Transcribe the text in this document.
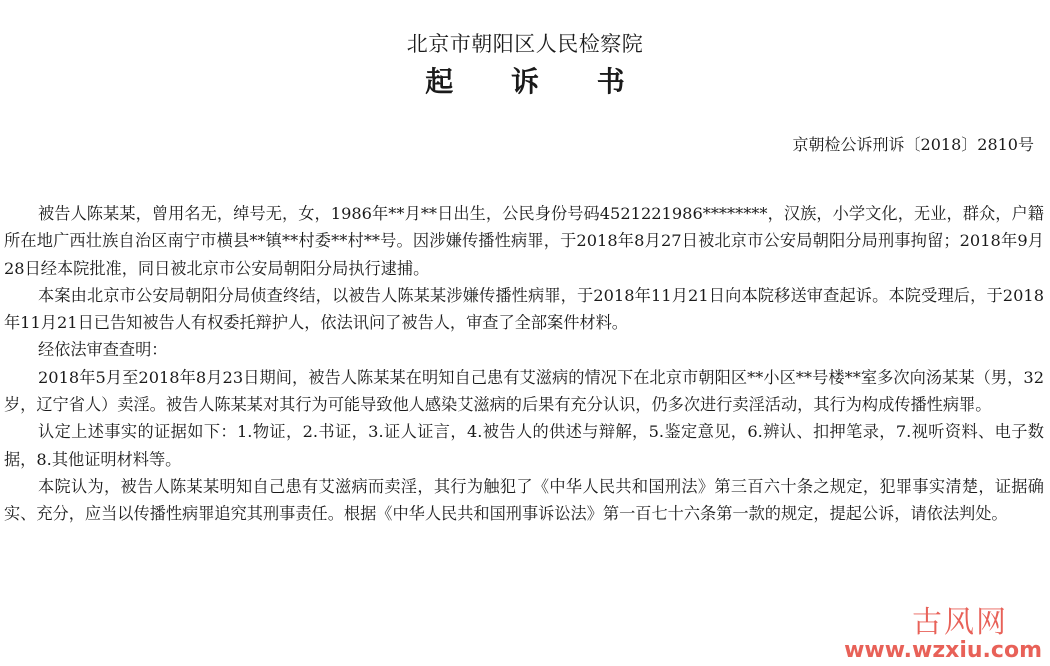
北京市朝阳区人民检察院
起 诉 书
京朝检公诉刑诉〔2018〕2810号

被告人陈某某，曾用名无，绰号无，女，1986年**月**日出生，公民身份号码4521221986********，汉族，小学文化，无业，群众，户籍所在地广西壮族自治区南宁市横县**镇**村委**村**号。因涉嫌传播性病罪，于2018年8月27日被北京市公安局朝阳分局刑事拘留；2018年9月28日经本院批准，同日被北京市公安局朝阳分局执行逮捕。

本案由北京市公安局朝阳分局侦查终结，以被告人陈某某涉嫌传播性病罪，于2018年11月21日向本院移送审查起诉。本院受理后，于2018年11月21日已告知被告人有权委托辩护人，依法讯问了被告人，审查了全部案件材料。

经依法审查查明：

2018年5月至2018年8月23日期间，被告人陈某某在明知自己患有艾滋病的情况下在北京市朝阳区**小区**号楼**室多次向汤某某（男，32岁，辽宁省人）卖淫。被告人陈某某对其行为可能导致他人感染艾滋病的后果有充分认识，仍多次进行卖淫活动，其行为构成传播性病罪。

认定上述事实的证据如下：1.物证，2.书证，3.证人证言，4.被告人的供述与辩解，5.鉴定意见，6.辨认、扣押笔录，7.视听资料、电子数据，8.其他证明材料等。

本院认为，被告人陈某某明知自己患有艾滋病而卖淫，其行为触犯了《中华人民共和国刑法》第三百六十条之规定，犯罪事实清楚，证据确实、充分，应当以传播性病罪追究其刑事责任。根据《中华人民共和国刑事诉讼法》第一百七十六条第一款的规定，提起公诉，请依法判处。

古风网
www.wzxiu.com
